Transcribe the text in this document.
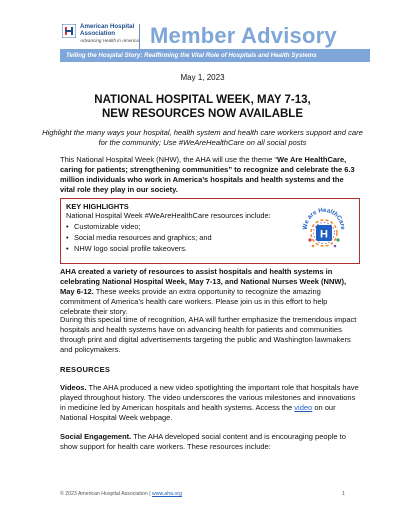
American Hospital
Association
Advancing Health in America Member Advisory
Telling the Hospital Story: Reaffirming the Vital Role of Hospitals and Health Systems
May 1, 2023
NATIONAL HOSPITAL WEEK, MAY 7-13,
NEW RESOURCES NOW AVAILABLE
Highlight the many ways your hospital, health system and health care workers support and care for the community; Use #WeAreHealthCare on all social posts
This National Hospital Week (NHW), the AHA will use the theme “We Are HealthCare, caring for patients; strengthening communities” to recognize and celebrate the 6.3 million individuals who work in America’s hospitals and health systems and the vital role they play in our society.
KEY HIGHLIGHTS
National Hospital Week #WeAreHealthCare resources include:
• Customizable video;
• Social media resources and graphics; and
• NHW logo social profile takeovers.
We are HealthCare
H
AHA created a variety of resources to assist hospitals and health systems in celebrating National Hospital Week, May 7-13, and National Nurses Week (NNW), May 6-12. These weeks provide an extra opportunity to recognize the amazing commitment of America’s health care workers. Please join us in this effort to help celebrate their story.
During this special time of recognition, AHA will further emphasize the tremendous impact hospitals and health systems have on advancing health for patients and communities through print and digital advertisements targeting the public and Washington lawmakers and policymakers.
RESOURCES
Videos. The AHA produced a new video spotlighting the important role that hospitals have played throughout history. The video underscores the various milestones and innovations in medicine led by American hospitals and health systems. Access the video on our National Hospital Week webpage.
Social Engagement. The AHA developed social content and is encouraging people to show support for health care workers. These resources include:
© 2023 American Hospital Association | www.aha.org	1
